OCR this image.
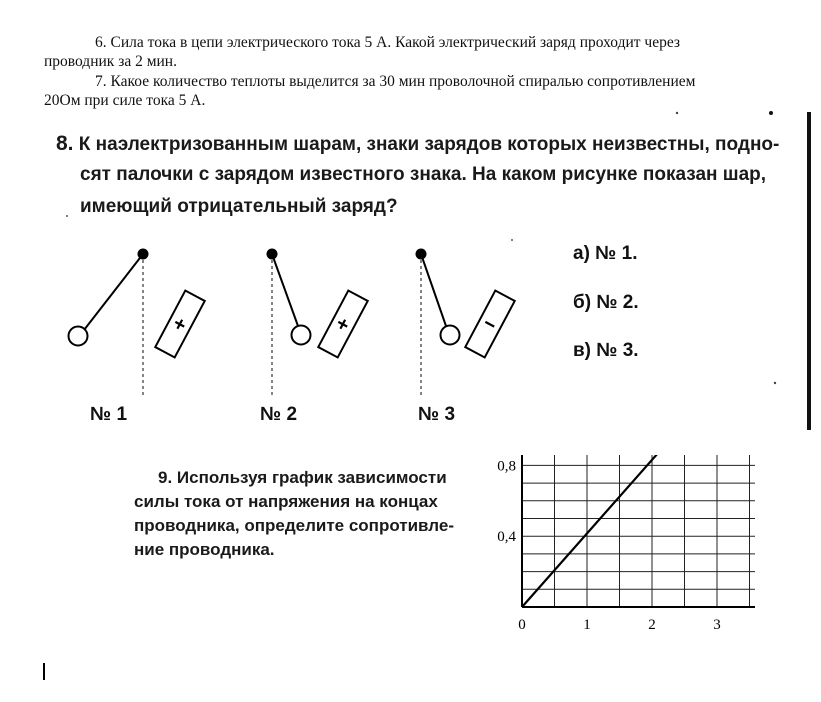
6. Сила тока в цепи электрического тока 5 А. Какой электрический заряд проходит через
проводник за 2 мин.
7. Какое количество теплоты выделится за 30 мин проволочной спиралью сопротивлением
20Ом при силе тока 5 А.
8. К наэлектризованным шарам, знаки зарядов которых неизвестны, подно-
сят палочки с зарядом известного знака. На каком рисунке показан шар,
имеющий отрицательный заряд?
+	+	−
№ 1	№ 2	№ 3
а) № 1.
б) № 2.
в) № 3.
9. Используя график зависимости
силы тока от напряжения на концах
проводника, определите сопротивле-
ние проводника.
0	1	2	3
0,4
0,8
